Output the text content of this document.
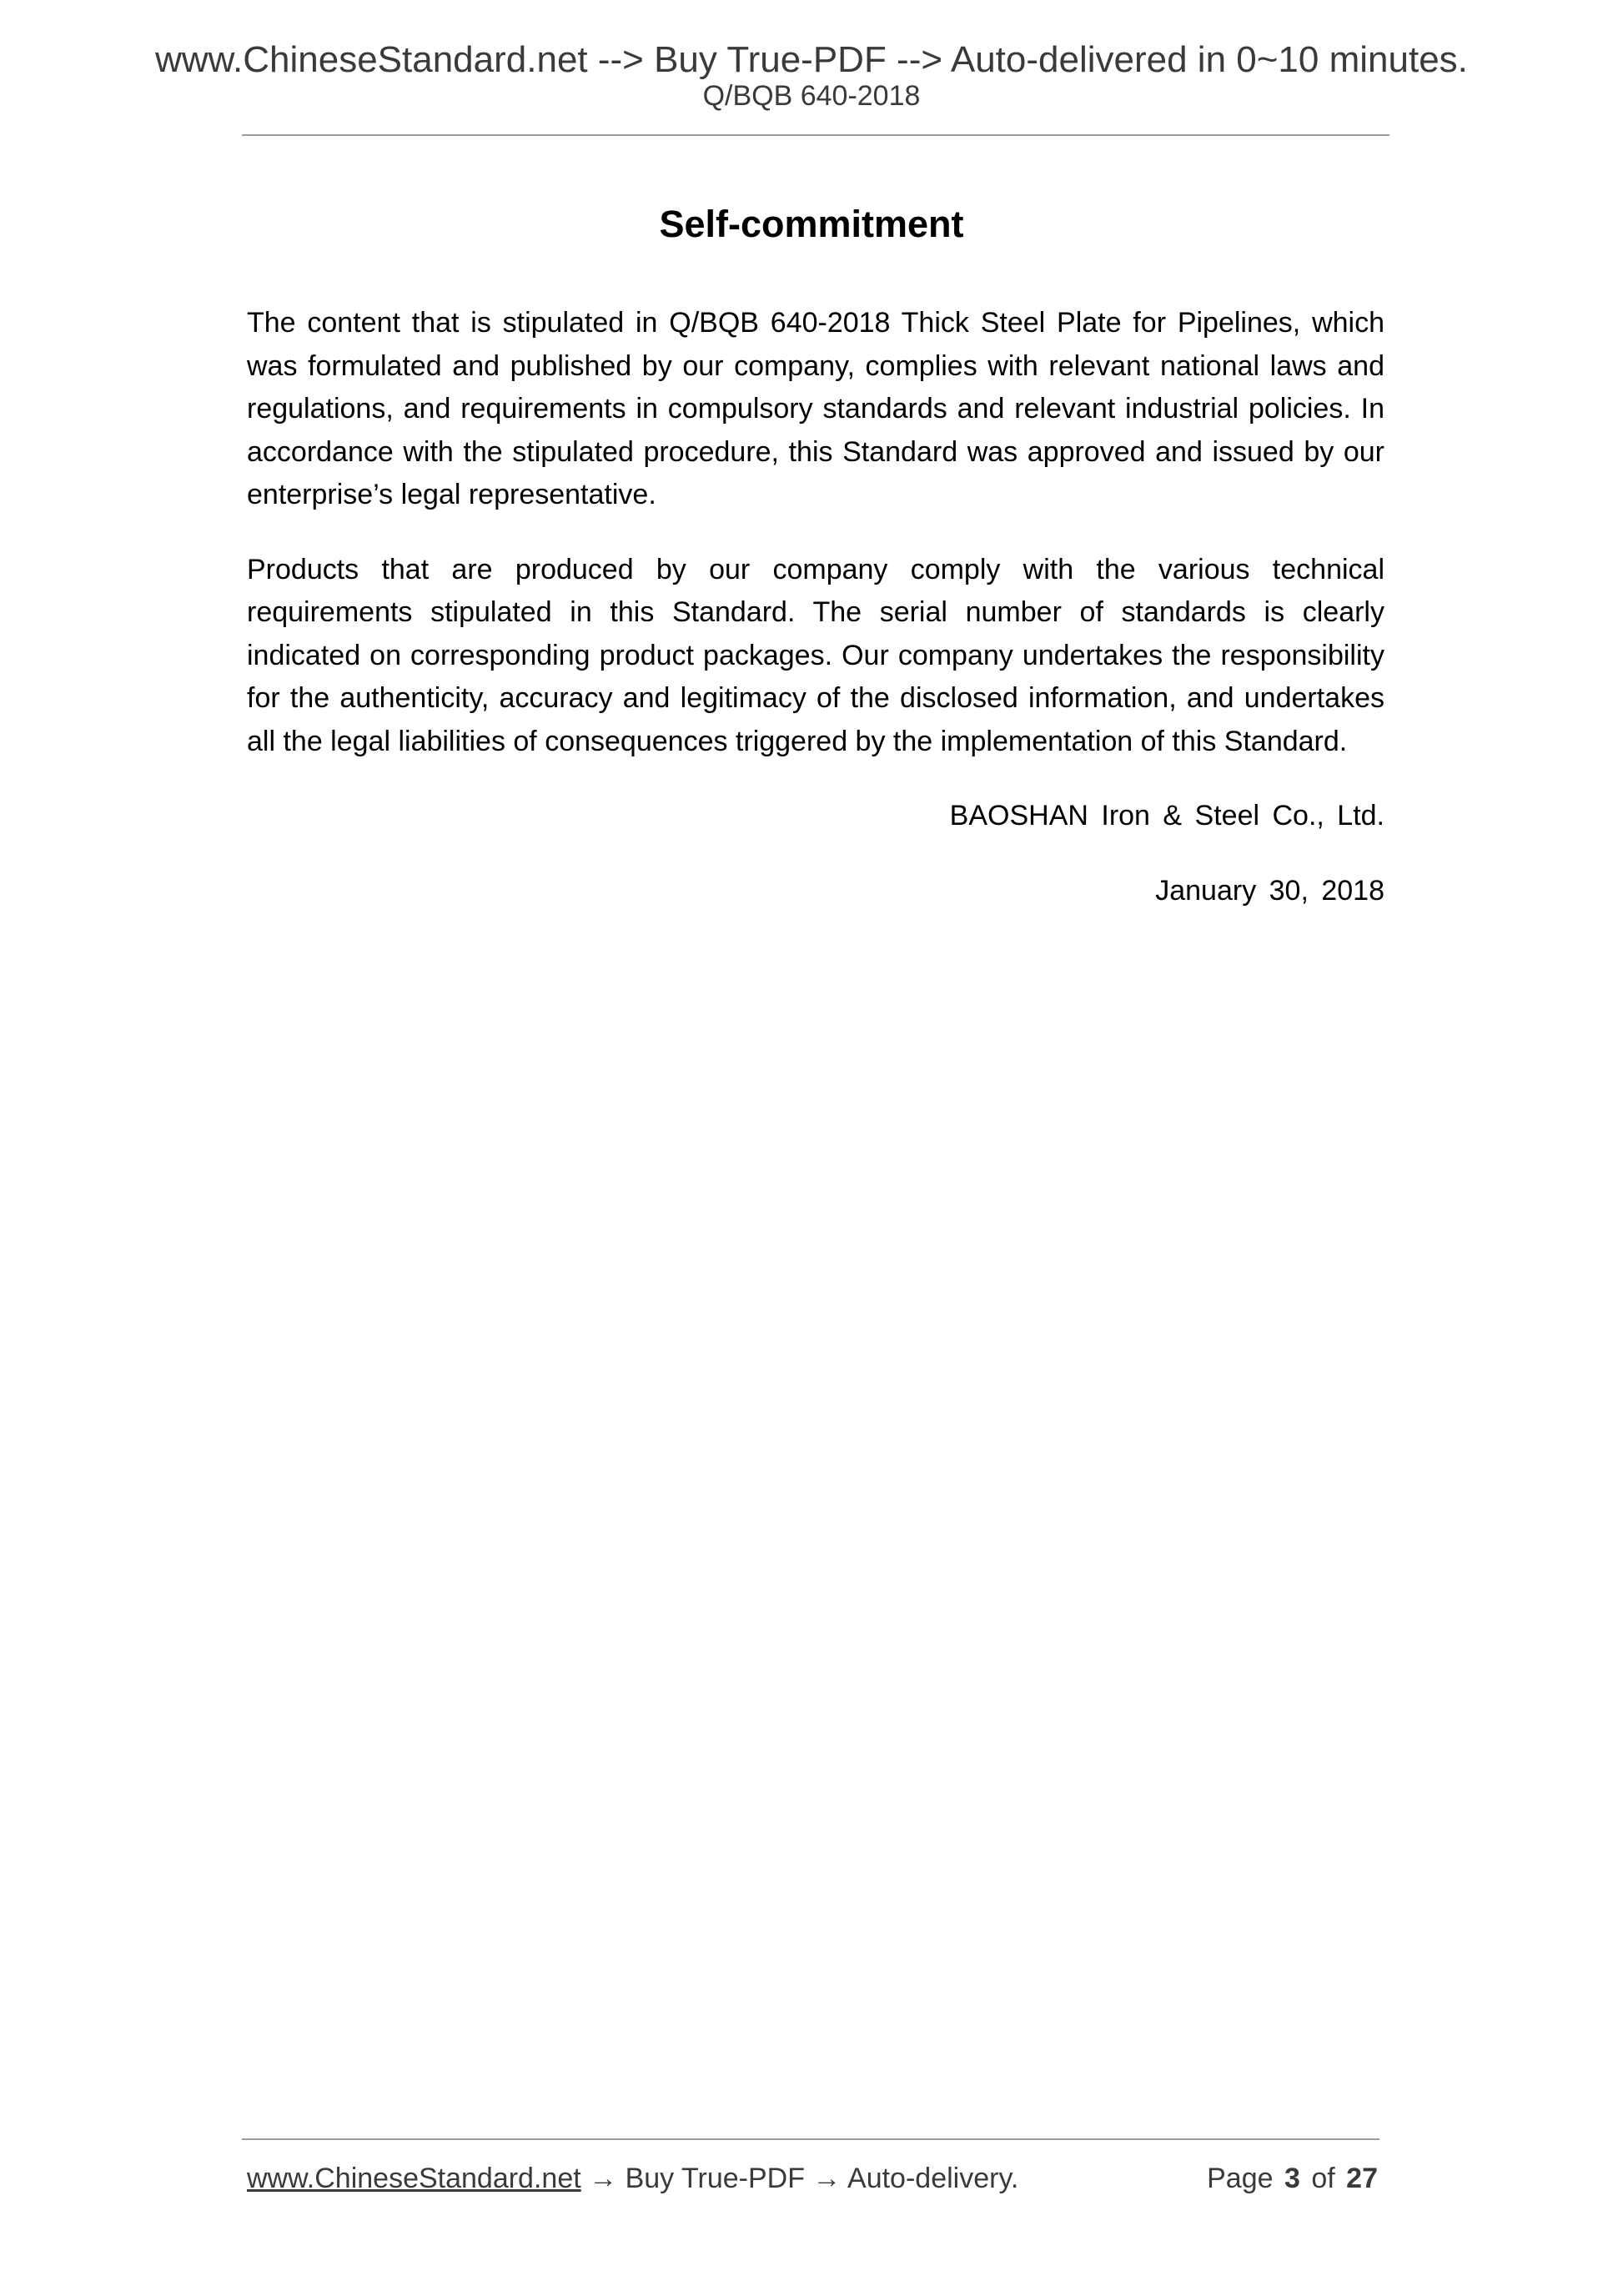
www.ChineseStandard.net --> Buy True-PDF --> Auto-delivered in 0~10 minutes.
Q/BQB 640-2018
Self-commitment

The content that is stipulated in Q/BQB 640-2018 Thick Steel Plate for Pipelines, which was formulated and published by our company, complies with relevant national laws and regulations, and requirements in compulsory standards and relevant industrial policies. In accordance with the stipulated procedure, this Standard was approved and issued by our enterprise’s legal representative.

Products that are produced by our company comply with the various technical requirements stipulated in this Standard. The serial number of standards is clearly indicated on corresponding product packages. Our company undertakes the responsibility for the authenticity, accuracy and legitimacy of the disclosed information, and undertakes all the legal liabilities of consequences triggered by the implementation of this Standard.

BAOSHAN Iron & Steel Co., Ltd.

January 30, 2018

www.ChineseStandard.net → Buy True-PDF → Auto-delivery.	Page 3 of 27
